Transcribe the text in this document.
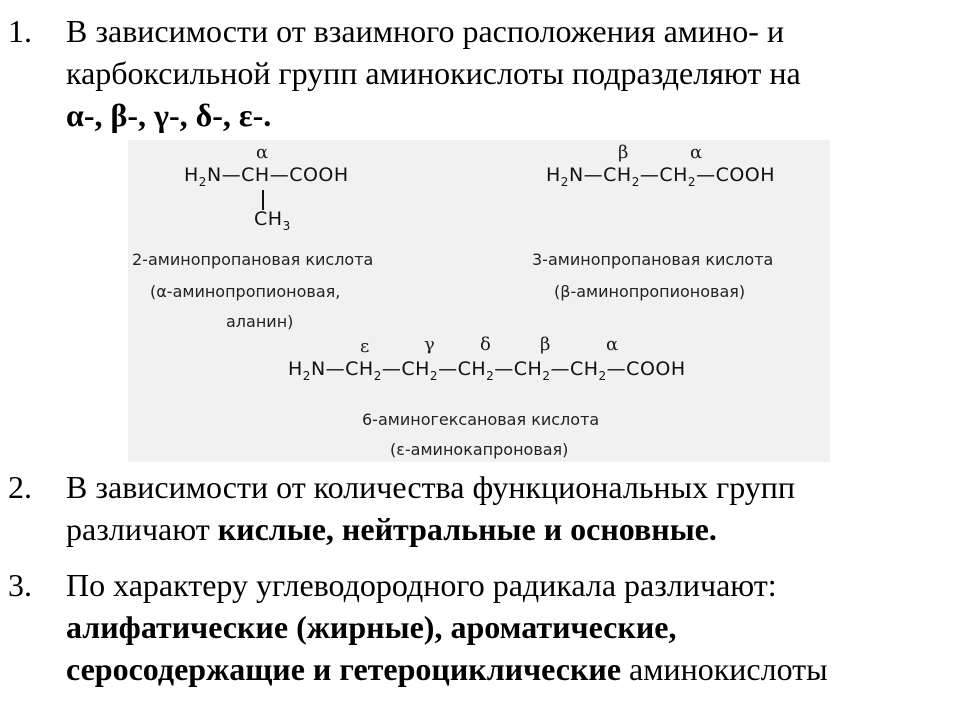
1.	В зависимости от взаимного расположения амино- и
карбоксильной групп аминокислоты подразделяют на
α-, β-, γ-, δ-, ε-.
α
$H_2N—CH—COOH$
$CH_3$
2-аминопропановая кислота
(α-аминопропионовая,
аланин)
β	α
$H_2N—CH_2—CH_2—COOH$
3-аминопропановая кислота
(β-аминопропионовая)
ε	γ	δ	β	α
$H_2N—CH_2—CH_2—CH_2—CH_2—CH_2—COOH$
6-аминогексановая кислота
(ε-аминокапроновая)
2.	В зависимости от количества функциональных групп
различают кислые, нейтральные и основные.
3.	По характеру углеводородного радикала различают:
алифатические (жирные), ароматические,
серосодержащие и гетероциклические аминокислоты
